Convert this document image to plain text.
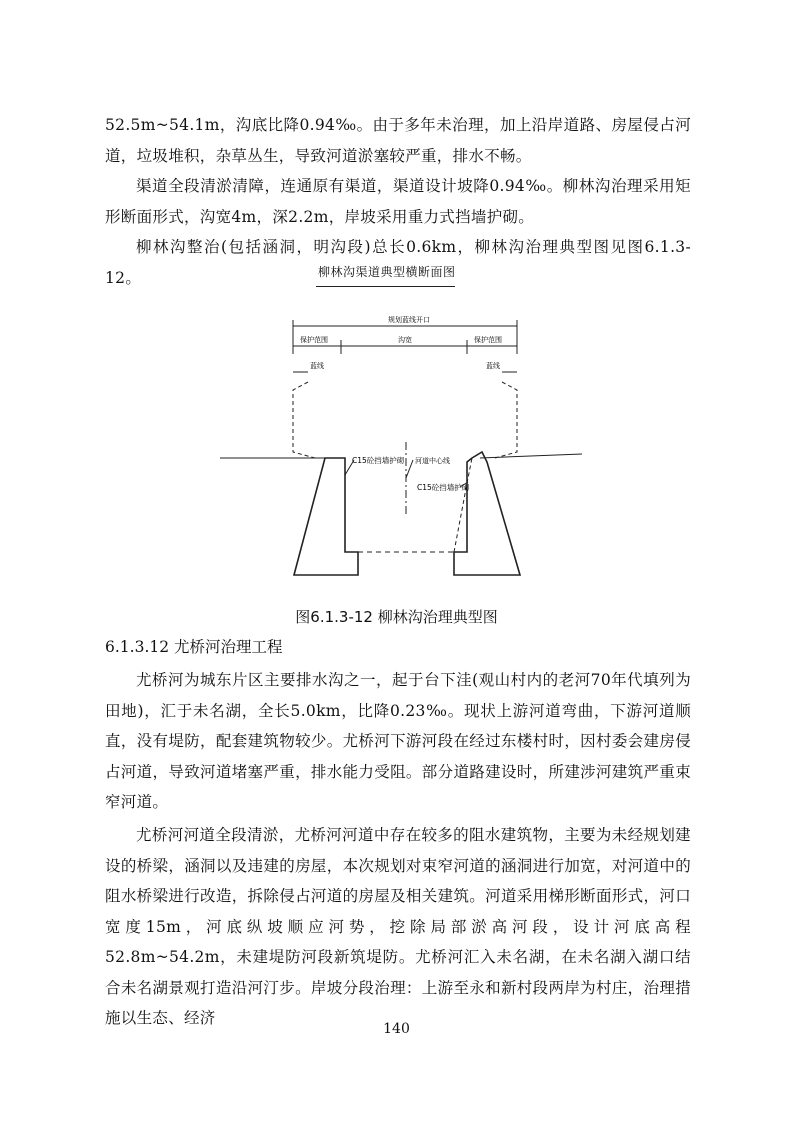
52.5m~54.1m，沟底比降0.94‰。由于多年未治理，加上沿岸道路、房屋侵占河道，垃圾堆积，杂草丛生，导致河道淤塞较严重，排水不畅。
渠道全段清淤清障，连通原有渠道，渠道设计坡降0.94‰。柳林沟治理采用矩形断面形式，沟宽4m，深2.2m，岸坡采用重力式挡墙护砌。
柳林沟整治(包括涵洞，明沟段)总长0.6km，柳林沟治理典型图见图6.1.3-12。	柳林沟渠道典型横断面图
规划蓝线开口
保护范围	沟宽	保护范围
蓝线	蓝线
C15砼挡墙护砌 河道中心线
C15砼挡墙护砌
图6.1.3-12 柳林沟治理典型图
6.1.3.12 尤桥河治理工程
尤桥河为城东片区主要排水沟之一，起于台下洼(观山村内的老河70年代填列为田地)，汇于未名湖，全长5.0km，比降0.23‰。现状上游河道弯曲，下游河道顺直，没有堤防，配套建筑物较少。尤桥河下游河段在经过东楼村时，因村委会建房侵占河道，导致河道堵塞严重，排水能力受阻。部分道路建设时，所建涉河建筑严重束窄河道。
尤桥河河道全段清淤，尤桥河河道中存在较多的阻水建筑物，主要为未经规划建设的桥梁，涵洞以及违建的房屋，本次规划对束窄河道的涵洞进行加宽，对河道中的阻水桥梁进行改造，拆除侵占河道的房屋及相关建筑。河道采用梯形断面形式，河口宽度15m，河底纵坡顺应河势，挖除局部淤高河段，设计河底高程52.8m~54.2m，未建堤防河段新筑堤防。尤桥河汇入未名湖，在未名湖入湖口结合未名湖景观打造沿河汀步。岸坡分段治理：上游至永和新村段两岸为村庄，治理措施以生态、经济
140
